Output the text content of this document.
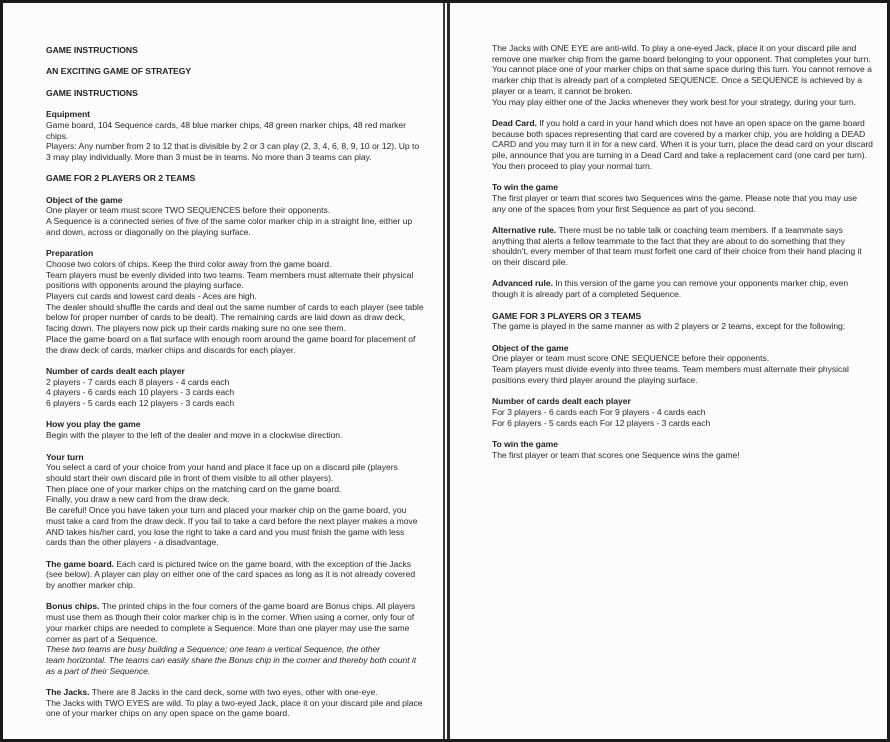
GAME INSTRUCTIONS
AN EXCITING GAME OF STRATEGY
GAME INSTRUCTIONS
Equipment

Game board, 104 Sequence cards, 48 blue marker chips, 48 green marker chips, 48 red marker chips.

Players: Any number from 2 to 12 that is divisible by 2 or 3 can play (2, 3, 4, 6, 8, 9, 10 or 12). Up to 3 may play individually. More than 3 must be in teams. No more than 3 teams can play.

GAME FOR 2 PLAYERS OR 2 TEAMS
Object of the game

One player or team must score TWO SEQUENCES before their opponents.

A Sequence is a connected series of five of the same color marker chip in a straight line, either up and down, across or diagonally on the playing surface.

Preparation

Choose two colors of chips. Keep the third color away from the game board.

Team players must be evenly divided into two teams. Team members must alternate their physical positions with opponents around the playing surface.

Players cut cards and lowest card deals - Aces are high.

The dealer should shuffle the cards and deal out the same number of cards to each player (see table below for proper number of cards to be dealt). The remaining cards are laid down as draw deck, facing down. The players now pick up their cards making sure no one see them.

Place the game board on a flat surface with enough room around the game board for placement of the draw deck of cards, marker chips and discards for each player.

Number of cards dealt each player

2 players - 7 cards each 8 players - 4 cards each

4 players - 6 cards each 10 players - 3 cards each

6 players - 5 cards each 12 players - 3 cards each

How you play the game

Begin with the player to the left of the dealer and move in a clockwise direction.

Your turn

You select a card of your choice from your hand and place it face up on a discard pile (players should start their own discard pile in front of them visible to all other players).

Then place one of your marker chips on the matching card on the game board.

Finally, you draw a new card from the draw deck.

Be careful! Once you have taken your turn and placed your marker chip on the game board, you must take a card from the draw deck. If you fail to take a card before the next player makes a move AND takes his/her card, you lose the right to take a card and you must finish the game with less cards than the other players - a disadvantage.

The game board. Each card is pictured twice on the game board, with the exception of the Jacks (see below). A player can play on either one of the card spaces as long as it is not already covered by another marker chip.

Bonus chips. The printed chips in the four corners of the game board are Bonus chips. All players must use them as though their color marker chip is in the corner. When using a corner, only four of your marker chips are needed to complete a Sequence. More than one player may use the same corner as part of a Sequence.

These two teams are busy building a Sequence; one team a vertical Sequence, the other

team horizontal. The teams can easily share the Bonus chip in the corner and thereby both count it as a part of their Sequence.

The Jacks. There are 8 Jacks in the card deck, some with two eyes, other with one-eye.

The Jacks with TWO EYES are wild. To play a two-eyed Jack, place it on your discard pile and place one of your marker chips on any open space on the game board.

The Jacks with ONE EYE are anti-wild. To play a one-eyed Jack, place it on your discard pile and remove one marker chip from the game board belonging to your opponent. That completes your turn. You cannot place one of your marker chips on that same space during this turn. You cannot remove a marker chip that is already part of a completed SEQUENCE. Once a SEQUENCE is achieved by a player or a team, it cannot be broken.

You may play either one of the Jacks whenever they work best for your strategy, during your turn.

Dead Card. If you hold a card in your hand which does not have an open space on the game board because both spaces representing that card are covered by a marker chip, you are holding a DEAD CARD and you may turn it in for a new card. When it is your turn, place the dead card on your discard pile, announce that you are turning in a Dead Card and take a replacement card (one card per turn). You then proceed to play your normal turn.

To win the game

The first player or team that scores two Sequences wins the game. Please note that you may use any one of the spaces from your first Sequence as part of you second.

Alternative rule. There must be no table talk or coaching team members. If a teammate says anything that alerts a fellow teammate to the fact that they are about to do something that they shouldn't, every member of that team must forfeit one card of their choice from their hand placing it on their discard pile.

Advanced rule. In this version of the game you can remove your opponents marker chip, even though it is already part of a completed Sequence.

GAME FOR 3 PLAYERS OR 3 TEAMS

The game is played in the same manner as with 2 players or 2 teams, except for the following:

Object of the game

One player or team must score ONE SEQUENCE before their opponents.

Team players must divide evenly into three teams. Team members must alternate their physical positions every third player around the playing surface.

Number of cards dealt each player

For 3 players - 6 cards each For 9 players - 4 cards each

For 6 players - 5 cards each For 12 players - 3 cards each

To win the game

The first player or team that scores one Sequence wins the game!
